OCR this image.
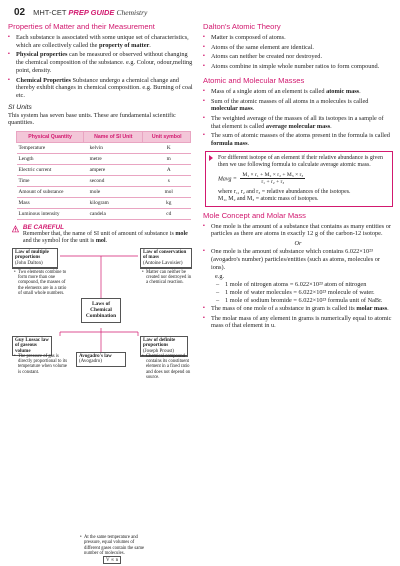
02 MHT-CET PREP GUIDE Chemistry
Properties of Matter and their Measurement
▪ Each substance is associated with some unique set of characteristics, which are collectively called the property of matter.
▪ Physical properties can be measured or observed without changing the chemical composition of the substance. e.g. Colour, odour,melting point, density.
▪ Chemical Properties Substance undergo a chemical change and thereby exhibit changes in chemical composition. e.g. Burning of coal etc.
SI Units
This system has seven base units. These are fundamental scientific quantities.
Physical Quantity	Name of SI Unit	Unit symbol
Temperature	kelvin	K
Length	metre	m
Electric current	ampere	A
Time	second	s
Amount of substance	mole	mol
Mass	kilogram	kg
Luminous intensity	candela	cd
BE CAREFUL
Remember that, the name of SI unit of amount of substance is mole and the symbol for the unit is mol.
Law of multiple proportions
(John Dalton)
• Two elements combine to form more than one compound, the masses of the elements are in a ratio of small whole numbers.
Law of conservation of mass
(Antoine Lavoisier)
• Matter can neither be created nor destroyed in a chemical reaction.
Laws of Chemical Combination
Guy Lussac law of gaseous volume
• The pressure of gas is directly proportional to its temperature when volume is constant.
Law of definite proportions
(Joseph Proust)
• Chemical compound contains its constituent element in a fixed ratio and does not depend on source.
Avogadro's law
(Avogadro)
• At the same temperature and pressure, equal volumes of different gases contain the same number of molecules.
V ∝ n
Dalton's Atomic Theory
▪ Matter is composed of atoms.
▪ Atoms of the same element are identical.
▪ Atoms can neither be created nor destroyed.
▪ Atoms combine in simple whole number ratios to form compound.
Atomic and Molecular Masses
▪ Mass of a single atom of an element is called atomic mass.
▪ Sum of the atomic masses of all atoms in a molecules is called molecular mass.
▪ The weighted average of the masses of all its isotopes in a sample of that element is called average molecular mass.
▪ The sum of atomic masses of the atoms present in the formula is called formula mass.
For different isotope of an element if their relative abundance is given then we use following formula to calculate average atomic mass.
Mavg = $\frac{\text{M₁ × r₁ + M₂ × r₂ + M₃ × r₃}}{\text{r₁ + r₂ + r₃}}$
where r₁, r₂ and r₃ = relative abundances of the isotopes.
M₁, M₂ and M₃ = atomic mass of isotopes.
Mole Concept and Molar Mass
▪ One mole is the amount of a substance that contains as many entities or particles as there are atoms in exactly 12 g of the carbon-12 isotope.
Or
▪ One mole is the amount of substance which contains 6.022×10²³ (avogadro's number) particles/entities (such as atoms, molecules or ions).
e.g.
– 1 mole of nitrogen atoms = 6.022×10²³ atom of nitrogen
– 1 mole of water molecules = 6.022×10²³ molecule of water.
– 1 mole of sodium bromide = 6.022×10²³ formula unit of NaBr.
▪ The mass of one mole of a substance in gram is called its molar mass.
▪ The molar mass of any element in grams is numerically equal to atomic mass of that element in u.
